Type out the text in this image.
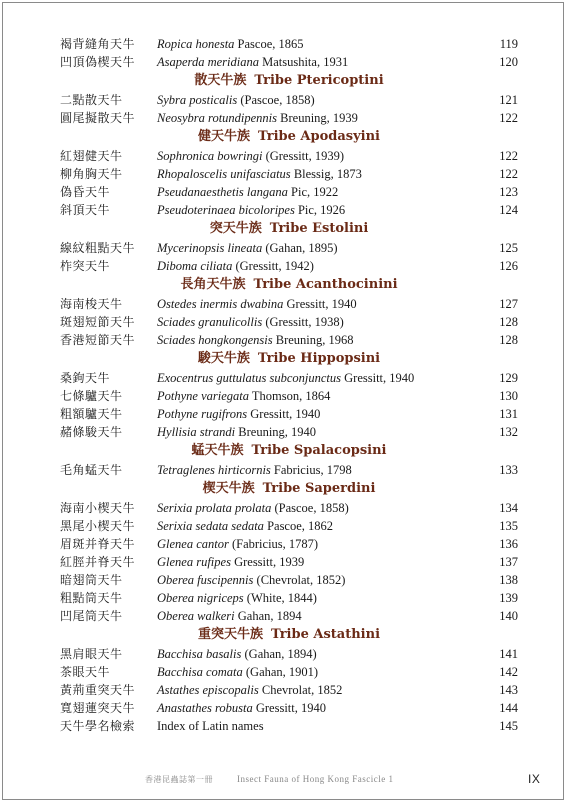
褐背縫角天牛 Ropica honesta Pascoe, 1865	119
凹頂偽楔天牛 Asaperda meridiana Matsushita, 1931	120
散天牛族 Tribe Ptericoptini
二點散天牛	Sybra posticalis (Pascoe, 1858)	121
圓尾擬散天牛 Neosybra rotundipennis Breuning, 1939	122
健天牛族 Tribe Apodasyini
紅翅健天牛	Sophronica bowringi (Gressitt, 1939)	122
柳角胸天牛	Rhopaloscelis unifasciatus Blessig, 1873	122
偽昏天牛	Pseudanaesthetis langana Pic, 1922	123
斜頂天牛	Pseudoterinaea bicoloripes Pic, 1926	124
突天牛族 Tribe Estolini
線紋粗點天牛 Mycerinopsis lineata (Gahan, 1895)	125
柞突天牛	Diboma ciliata (Gressitt, 1942)	126
長角天牛族 Tribe Acanthocinini
海南梭天牛	Ostedes inermis dwabina Gressitt, 1940	127
斑翅短節天牛 Sciades granulicollis (Gressitt, 1938)	128
香港短節天牛 Sciades hongkongensis Breuning, 1968	128
駿天牛族 Tribe Hippopsini
桑鉤天牛	Exocentrus guttulatus subconjunctus Gressitt, 1940	129
七條驢天牛	Pothyne variegata Thomson, 1864	130
粗額驢天牛	Pothyne rugifrons Gressitt, 1940	131
赭條駿天牛	Hyllisia strandi Breuning, 1940	132
蜢天牛族 Tribe Spalacopsini
毛角蜢天牛	Tetraglenes hirticornis Fabricius, 1798	133
楔天牛族 Tribe Saperdini
海南小楔天牛 Serixia prolata prolata (Pascoe, 1858)	134
黑尾小楔天牛 Serixia sedata sedata Pascoe, 1862	135
眉斑并脊天牛 Glenea cantor (Fabricius, 1787)	136
紅脛并脊天牛 Glenea rufipes Gressitt, 1939	137
暗翅筒天牛	Oberea fuscipennis (Chevrolat, 1852)	138
粗點筒天牛	Oberea nigriceps (White, 1844)	139
凹尾筒天牛	Oberea walkeri Gahan, 1894	140
重突天牛族 Tribe Astathini
黑肩眼天牛	Bacchisa basalis (Gahan, 1894)	141
茶眼天牛	Bacchisa comata (Gahan, 1901)	142
黃荊重突天牛 Astathes episcopalis Chevrolat, 1852	143
寬翅蓮突天牛 Anastathes robusta Gressitt, 1940	144
天牛學名檢索 Index of Latin names	145
香港昆蟲誌第一冊	Insect Fauna of Hong Kong Fascicle 1	IX
